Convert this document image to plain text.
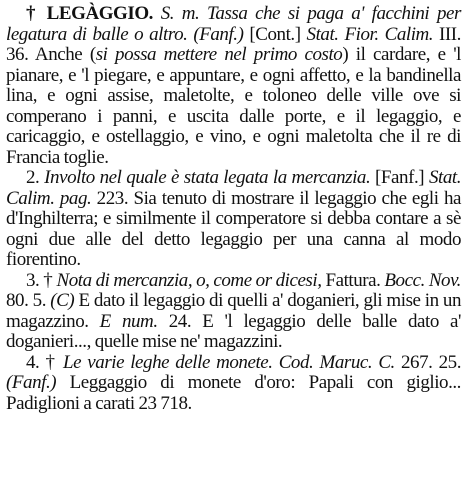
† LEGÀGGIO. S. m. Tassa che si paga a' facchini per legatura di balle o altro. (Fanf.) [Cont.] Stat. Fior. Calim. III. 36. Anche (si possa mettere nel primo costo) il cardare, e 'l pianare, e 'l piegare, e appuntare, e ogni affetto, e la bandinella lina, e ogni assise, maletolte, e toloneo delle ville ove si comperano i panni, e uscita dalle porte, e il legaggio, e caricaggio, e ostellaggio, e vino, e ogni maletolta che il re di Francia toglie.

2. Involto nel quale è stata legata la mercanzia. [Fanf.] Stat. Calim. pag. 223. Sia tenuto di mostrare il legaggio che egli ha d'Inghilterra; e similmente il comperatore si debba contare a sè ogni due alle del detto legaggio per una canna al modo fiorentino.

3. † Nota di mercanzia, o, come or dicesi, Fattura. Bocc. Nov. 80. 5. (C) E dato il legaggio di quelli a' doganieri, gli mise in un magazzino. E num. 24. E 'l legaggio delle balle dato a' doganieri..., quelle mise ne' magazzini.

4. † Le varie leghe delle monete. Cod. Maruc. C. 267. 25. (Fanf.) Leggaggio di monete d'oro: Papali con giglio... Padiglioni a carati 23 718.
